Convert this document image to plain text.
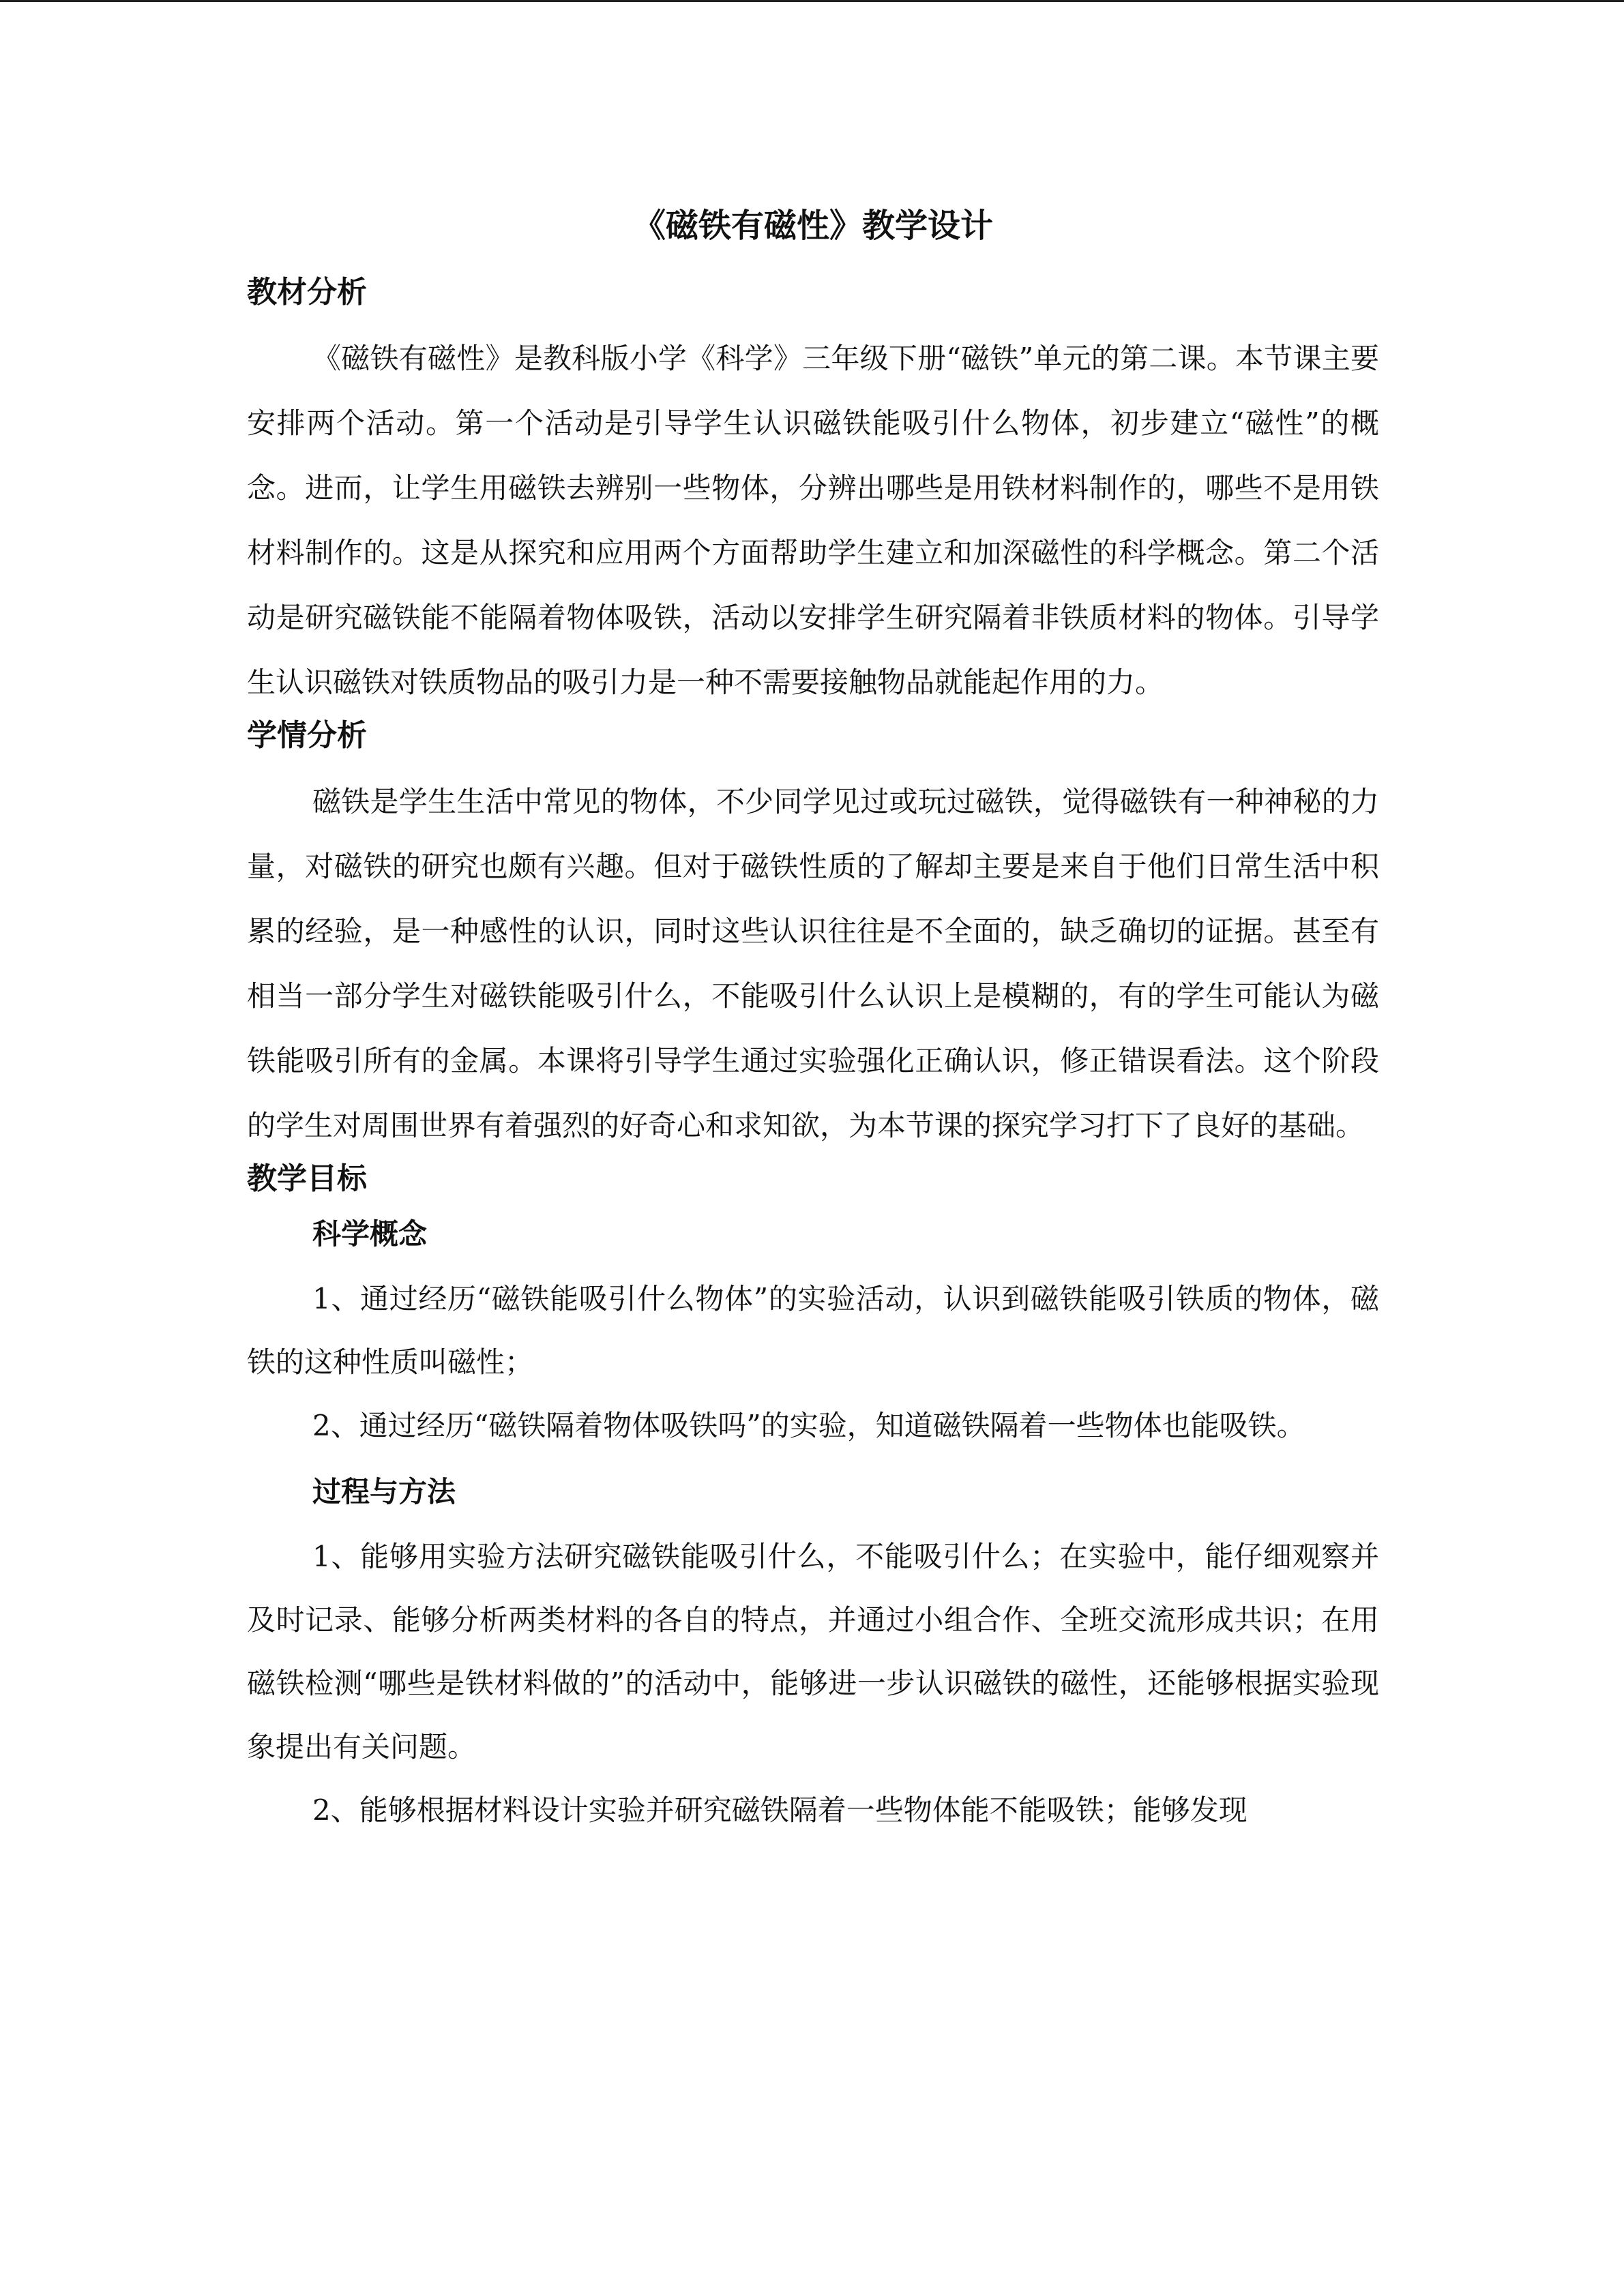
《磁铁有磁性》教学设计
教材分析

《磁铁有磁性》是教科版小学《科学》三年级下册“磁铁”单元的第二课。本节课主要安排两个活动。第一个活动是引导学生认识磁铁能吸引什么物体，初步建立“磁性”的概念。进而，让学生用磁铁去辨别一些物体，分辨出哪些是用铁材料制作的，哪些不是用铁材料制作的。这是从探究和应用两个方面帮助学生建立和加深磁性的科学概念。第二个活动是研究磁铁能不能隔着物体吸铁，活动以安排学生研究隔着非铁质材料的物体。引导学生认识磁铁对铁质物品的吸引力是一种不需要接触物品就能起作用的力。

学情分析

磁铁是学生生活中常见的物体，不少同学见过或玩过磁铁，觉得磁铁有一种神秘的力量，对磁铁的研究也颇有兴趣。但对于磁铁性质的了解却主要是来自于他们日常生活中积累的经验，是一种感性的认识，同时这些认识往往是不全面的，缺乏确切的证据。甚至有相当一部分学生对磁铁能吸引什么，不能吸引什么认识上是模糊的，有的学生可能认为磁铁能吸引所有的金属。本课将引导学生通过实验强化正确认识，修正错误看法。这个阶段的学生对周围世界有着强烈的好奇心和求知欲，为本节课的探究学习打下了良好的基础。

教学目标
科学概念

1、通过经历“磁铁能吸引什么物体”的实验活动，认识到磁铁能吸引铁质的物体，磁铁的这种性质叫磁性；

2、通过经历“磁铁隔着物体吸铁吗”的实验，知道磁铁隔着一些物体也能吸铁。

过程与方法

1、能够用实验方法研究磁铁能吸引什么，不能吸引什么；在实验中，能仔细观察并及时记录、能够分析两类材料的各自的特点，并通过小组合作、全班交流形成共识；在用磁铁检测“哪些是铁材料做的”的活动中，能够进一步认识磁铁的磁性，还能够根据实验现象提出有关问题。

2、能够根据材料设计实验并研究磁铁隔着一些物体能不能吸铁；能够发现
